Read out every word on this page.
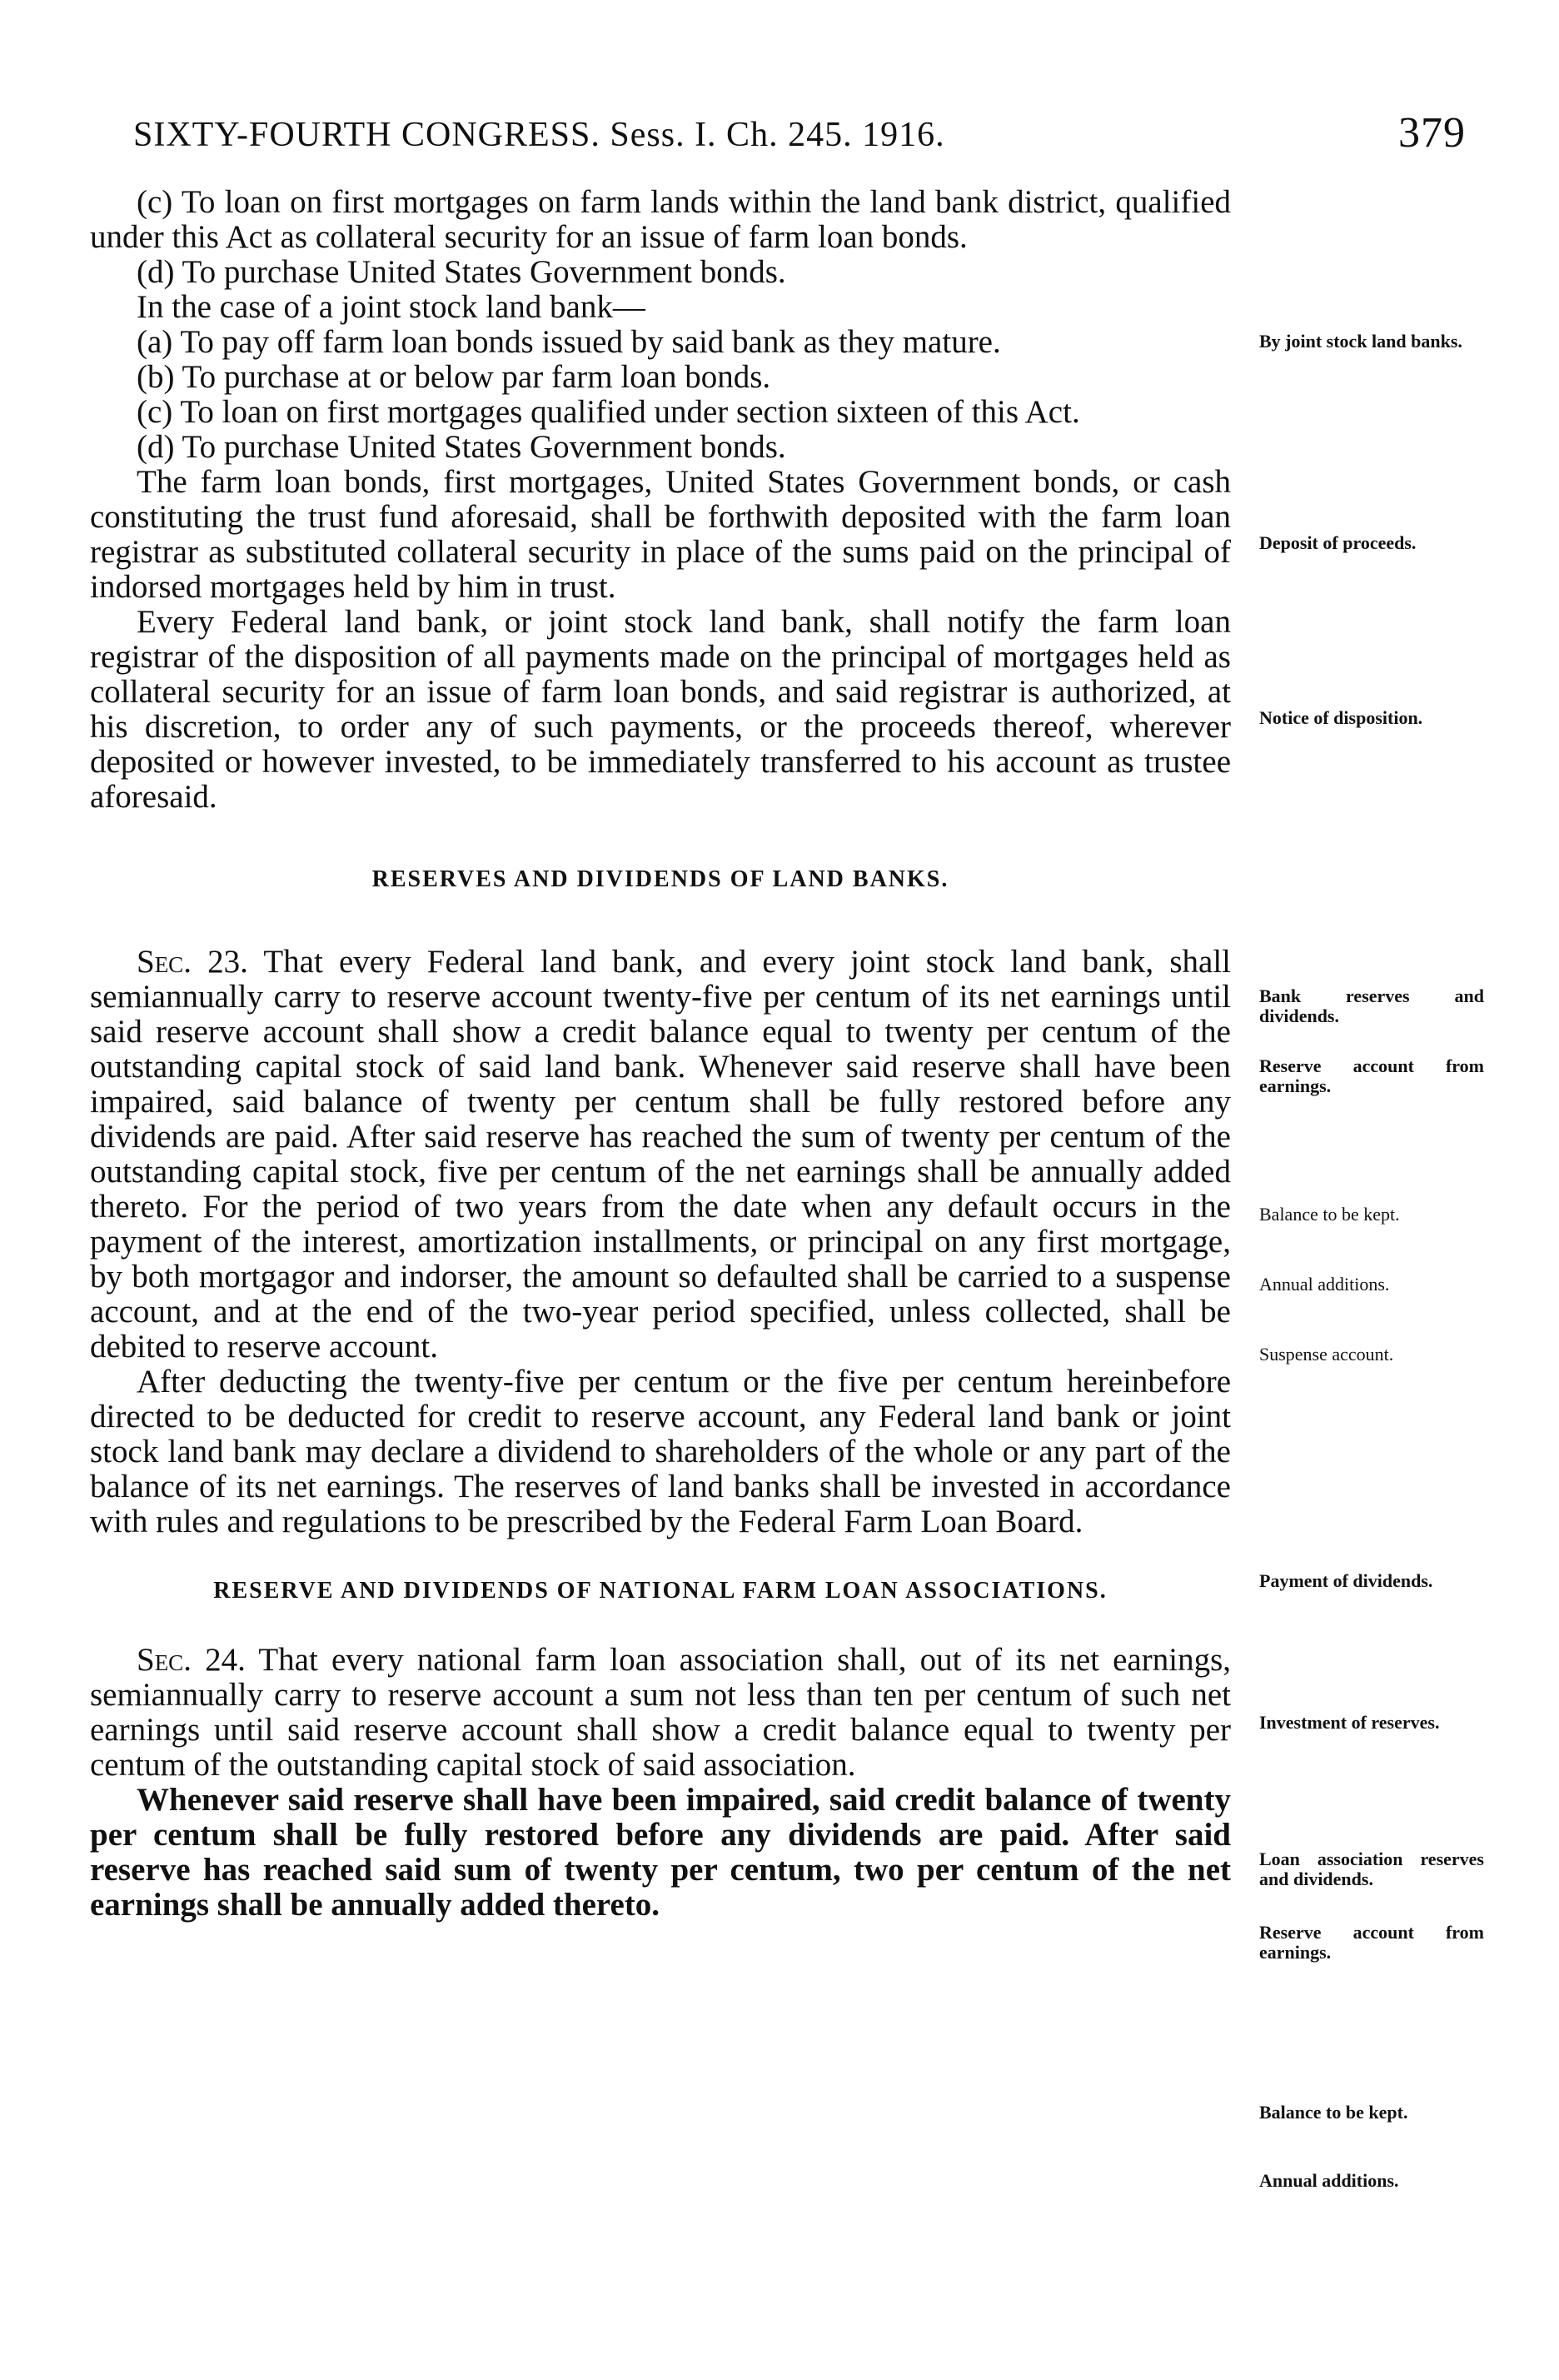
SIXTY-FOURTH CONGRESS. Sess. I. Ch. 245. 1916.	379

(c) To loan on first mortgages on farm lands within the land bank district, qualified under this Act as collateral security for an issue of farm loan bonds.

(d) To purchase United States Government bonds.

In the case of a joint stock land bank—

(a) To pay off farm loan bonds issued by said bank as they mature.

(b) To purchase at or below par farm loan bonds.

(c) To loan on first mortgages qualified under section sixteen of this Act.

(d) To purchase United States Government bonds.

The farm loan bonds, first mortgages, United States Government bonds, or cash constituting the trust fund aforesaid, shall be forthwith deposited with the farm loan registrar as substituted collateral security in place of the sums paid on the principal of indorsed mortgages held by him in trust.

Every Federal land bank, or joint stock land bank, shall notify the farm loan registrar of the disposition of all payments made on the principal of mortgages held as collateral security for an issue of farm loan bonds, and said registrar is authorized, at his discretion, to order any of such payments, or the proceeds thereof, wherever deposited or however invested, to be immediately transferred to his account as trustee aforesaid.

RESERVES AND DIVIDENDS OF LAND BANKS.

Sec. 23. That every Federal land bank, and every joint stock land bank, shall semiannually carry to reserve account twenty-five per centum of its net earnings until said reserve account shall show a credit balance equal to twenty per centum of the outstanding capital stock of said land bank. Whenever said reserve shall have been impaired, said balance of twenty per centum shall be fully restored before any dividends are paid. After said reserve has reached the sum of twenty per centum of the outstanding capital stock, five per centum of the net earnings shall be annually added thereto. For the period of two years from the date when any default occurs in the payment of the interest, amortization installments, or principal on any first mortgage, by both mortgagor and indorser, the amount so defaulted shall be carried to a suspense account, and at the end of the two-year period specified, unless collected, shall be debited to reserve account.

After deducting the twenty-five per centum or the five per centum hereinbefore directed to be deducted for credit to reserve account, any Federal land bank or joint stock land bank may declare a dividend to shareholders of the whole or any part of the balance of its net earnings. The reserves of land banks shall be invested in accordance with rules and regulations to be prescribed by the Federal Farm Loan Board.

RESERVE AND DIVIDENDS OF NATIONAL FARM LOAN ASSOCIATIONS.

Sec. 24. That every national farm loan association shall, out of its net earnings, semiannually carry to reserve account a sum not less than ten per centum of such net earnings until said reserve account shall show a credit balance equal to twenty per centum of the outstanding capital stock of said association.

Whenever said reserve shall have been impaired, said credit balance of twenty per centum shall be fully restored before any dividends are paid. After said reserve has reached said sum of twenty per centum, two per centum of the net earnings shall be annually added thereto.

By joint stock land banks.
Deposit of proceeds.
Notice of disposition.
Bank reserves and dividends.
Reserve account from earnings.
Balance to be kept.
Annual additions.
Suspense account.
Payment of dividends.
Investment of reserves.
Loan association reserves and dividends.
Reserve account from earnings.
Balance to be kept.
Annual additions.
